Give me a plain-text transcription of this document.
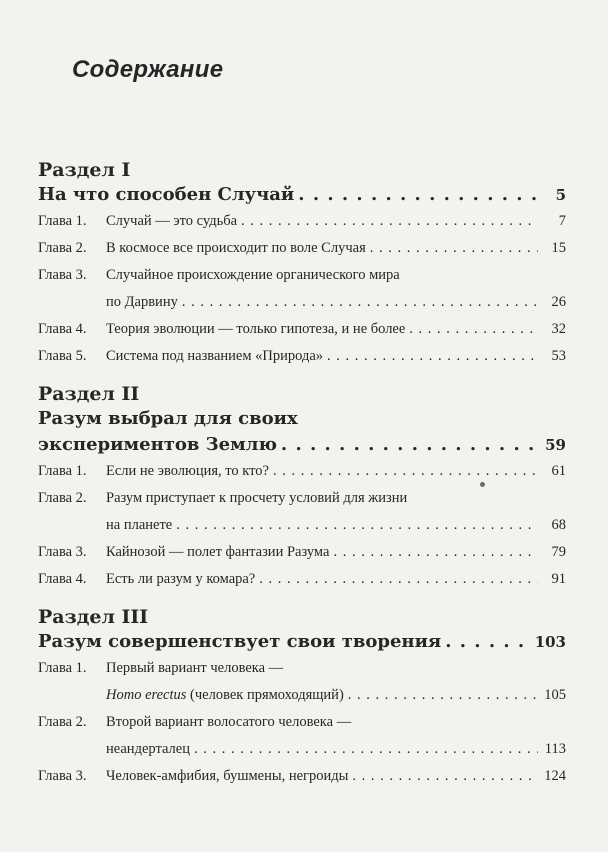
Содержание
Раздел I
На что способен Случай . . .	5
Глава 1.	Случай — это судьба . . .	7
Глава 2.	В космосе все происходит по воле Случая . . .	15
Глава 3.	Случайное происхождение органического мира
по Дарвину . . .	26
Глава 4.	Теория эволюции — только гипотеза, и не более . . .	32
Глава 5.	Система под названием «Природа» . . .	53
Раздел II
Разум выбрал для своих
экспериментов Землю . . .	59
Глава 1.	Если не эволюция, то кто? . . .	61
Глава 2.	Разум приступает к просчету условий для жизни
на планете . . .	68
Глава 3.	Кайнозой — полет фантазии Разума . . .	79
Глава 4.	Есть ли разум у комара? . . .	91
Раздел III
Разум совершенствует свои творения . . .	103
Глава 1.	Первый вариант человека —
Homo erectus (человек прямоходящий) . . .	105
Глава 2.	Второй вариант волосатого человека —
неандерталец . . .	113
Глава 3.	Человек-амфибия, бушмены, негроиды . . .	124
